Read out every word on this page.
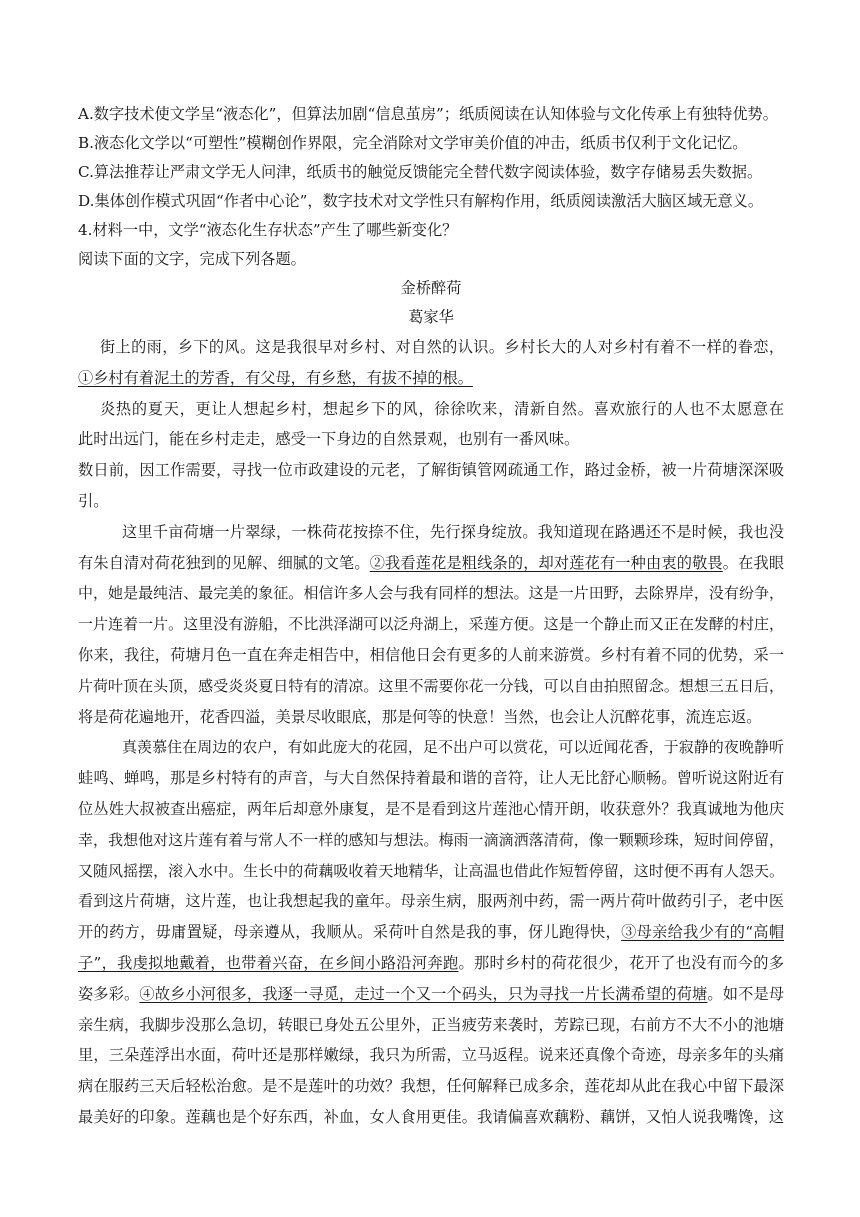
A.数字技术使文学呈“液态化”，但算法加剧“信息茧房”；纸质阅读在认知体验与文化传承上有独特优势。
B.液态化文学以“可塑性”模糊创作界限，完全消除对文学审美价值的冲击，纸质书仅利于文化记忆。
C.算法推荐让严肃文学无人问津，纸质书的触觉反馈能完全替代数字阅读体验，数字存储易丢失数据。
D.集体创作模式巩固“作者中心论”，数字技术对文学性只有解构作用，纸质阅读激活大脑区域无意义。
4.材料一中，文学“液态化生存状态”产生了哪些新变化？
阅读下面的文字，完成下列各题。
金桥醉荷
葛家华
街上的雨，乡下的风。这是我很早对乡村、对自然的认识。乡村长大的人对乡村有着不一样的眷恋，
①乡村有着泥土的芳香，有父母，有乡愁，有拔不掉的根。
炎热的夏天，更让人想起乡村，想起乡下的风，徐徐吹来，清新自然。喜欢旅行的人也不太愿意在
此时出远门，能在乡村走走，感受一下身边的自然景观，也别有一番风味。
数日前，因工作需要，寻找一位市政建设的元老，了解街镇管网疏通工作，路过金桥，被一片荷塘深深吸
引。
这里千亩荷塘一片翠绿，一株荷花按捺不住，先行探身绽放。我知道现在路遇还不是时候，我也没
有朱自清对荷花独到的见解、细腻的文笔。②我看莲花是粗线条的，却对莲花有一种由衷的敬畏。在我眼
中，她是最纯洁、最完美的象征。相信许多人会与我有同样的想法。这是一片田野，去除界岸，没有纷争，
一片连着一片。这里没有游船，不比洪泽湖可以泛舟湖上，采莲方便。这是一个静止而又正在发酵的村庄，
你来，我往，荷塘月色一直在奔走相告中，相信他日会有更多的人前来游赏。乡村有着不同的优势，采一
片荷叶顶在头顶，感受炎炎夏日特有的清凉。这里不需要你花一分钱，可以自由拍照留念。想想三五日后，
将是荷花遍地开，花香四溢，美景尽收眼底，那是何等的快意！当然，也会让人沉醉花事，流连忘返。
真羡慕住在周边的农户，有如此庞大的花园，足不出户可以赏花，可以近闻花香，于寂静的夜晚静听
蛙鸣、蝉鸣，那是乡村特有的声音，与大自然保持着最和谐的音符，让人无比舒心顺畅。曾听说这附近有
位丛姓大叔被查出癌症，两年后却意外康复，是不是看到这片莲池心情开朗，收获意外？我真诚地为他庆
幸，我想他对这片莲有着与常人不一样的感知与想法。梅雨一滴滴洒落清荷，像一颗颗珍珠，短时间停留，
又随风摇摆，滚入水中。生长中的荷藕吸收着天地精华，让高温也借此作短暂停留，这时便不再有人怨天。
看到这片荷塘，这片莲，也让我想起我的童年。母亲生病，服两剂中药，需一两片荷叶做药引子，老中医
开的药方，毋庸置疑，母亲遵从，我顺从。采荷叶自然是我的事，伢儿跑得快，③母亲给我少有的“高帽
子”，我虔拟地戴着，也带着兴奋，在乡间小路沿河奔跑。那时乡村的荷花很少，花开了也没有而今的多
姿多彩。④故乡小河很多，我逐一寻觅，走过一个又一个码头，只为寻找一片长满希望的荷塘。如不是母
亲生病，我脚步没那么急切，转眼已身处五公里外，正当疲劳来袭时，芳踪已现，右前方不大不小的池塘
里，三朵莲浮出水面，荷叶还是那样嫩绿，我只为所需，立马返程。说来还真像个奇迹，母亲多年的头痛
病在服药三天后轻松治愈。是不是莲叶的功效？我想，任何解释已成多余，莲花却从此在我心中留下最深
最美好的印象。莲藕也是个好东西，补血，女人食用更佳。我请偏喜欢藕粉、藕饼，又怕人说我嘴馋，这
